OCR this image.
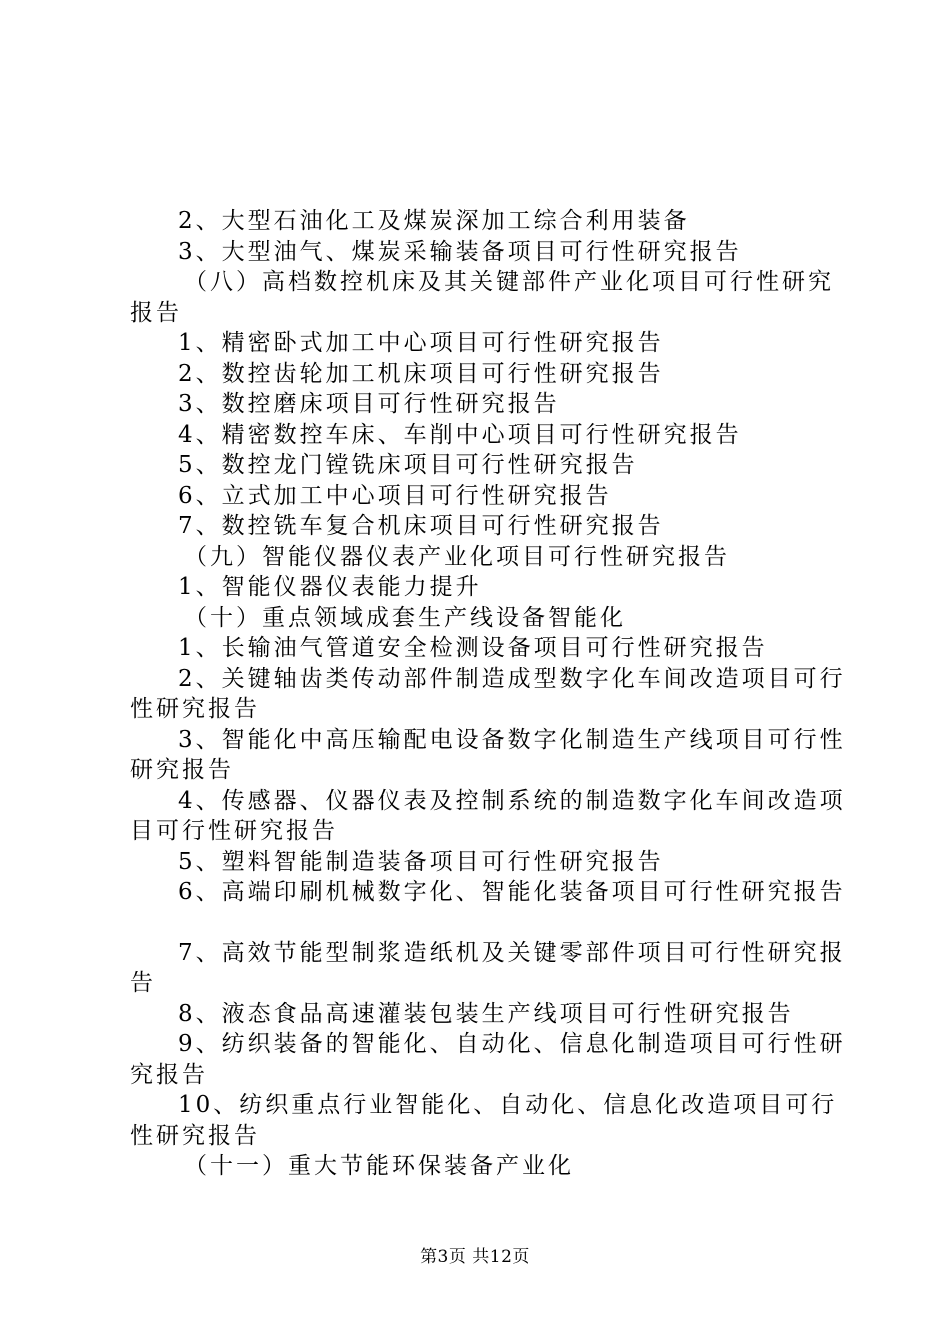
2、大型石油化工及煤炭深加工综合利用装备
3、大型油气、煤炭采输装备项目可行性研究报告
（八）高档数控机床及其关键部件产业化项目可行性研究
报告
1、精密卧式加工中心项目可行性研究报告
2、数控齿轮加工机床项目可行性研究报告
3、数控磨床项目可行性研究报告
4、精密数控车床、车削中心项目可行性研究报告
5、数控龙门镗铣床项目可行性研究报告
6、立式加工中心项目可行性研究报告
7、数控铣车复合机床项目可行性研究报告
（九）智能仪器仪表产业化项目可行性研究报告
1、智能仪器仪表能力提升
（十）重点领域成套生产线设备智能化
1、长输油气管道安全检测设备项目可行性研究报告
2、关键轴齿类传动部件制造成型数字化车间改造项目可行
性研究报告
3、智能化中高压输配电设备数字化制造生产线项目可行性
研究报告
4、传感器、仪器仪表及控制系统的制造数字化车间改造项
目可行性研究报告
5、塑料智能制造装备项目可行性研究报告
6、高端印刷机械数字化、智能化装备项目可行性研究报告
7、高效节能型制浆造纸机及关键零部件项目可行性研究报
告
8、液态食品高速灌装包装生产线项目可行性研究报告
9、纺织装备的智能化、自动化、信息化制造项目可行性研
究报告
10、纺织重点行业智能化、自动化、信息化改造项目可行
性研究报告
（十一）重大节能环保装备产业化
第3页 共12页
